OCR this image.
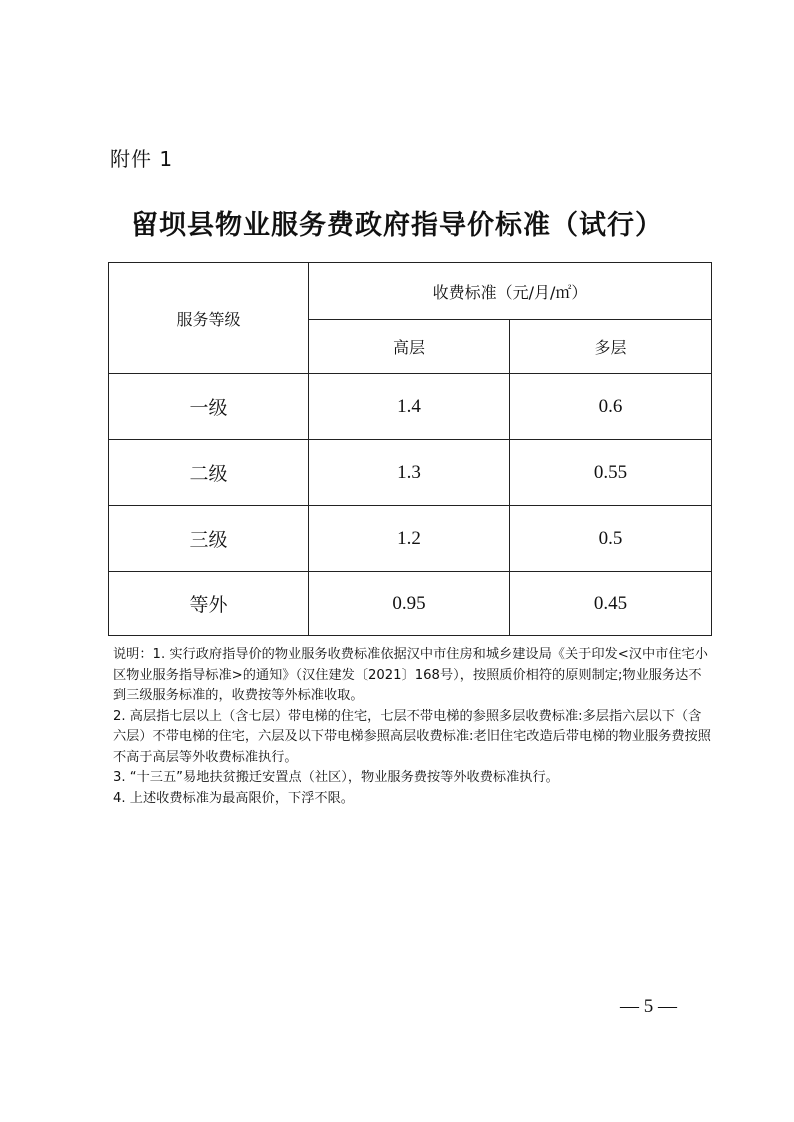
附件 1
留坝县物业服务费政府指导价标准（试行）
服务等级	收费标准（元/月/㎡）	
	高层	多层
一级	1.4	0.6
二级	1.3	0.55
三级	1.2	0.5
等外	0.95	0.45

说明：1. 实行政府指导价的物业服务收费标准依据汉中市住房和城乡建设局《关于印发<汉中市住宅小区物业服务指导标准>的通知》（汉住建发〔2021〕168号），按照质价相符的原则制定;物业服务达不到三级服务标准的，收费按等外标准收取。

2. 高层指七层以上（含七层）带电梯的住宅，七层不带电梯的参照多层收费标准:多层指六层以下（含六层）不带电梯的住宅，六层及以下带电梯参照高层收费标准:老旧住宅改造后带电梯的物业服务费按照不高于高层等外收费标准执行。

3. “十三五”易地扶贫搬迁安置点（社区），物业服务费按等外收费标准执行。

4. 上述收费标准为最高限价，下浮不限。

— 5 —
